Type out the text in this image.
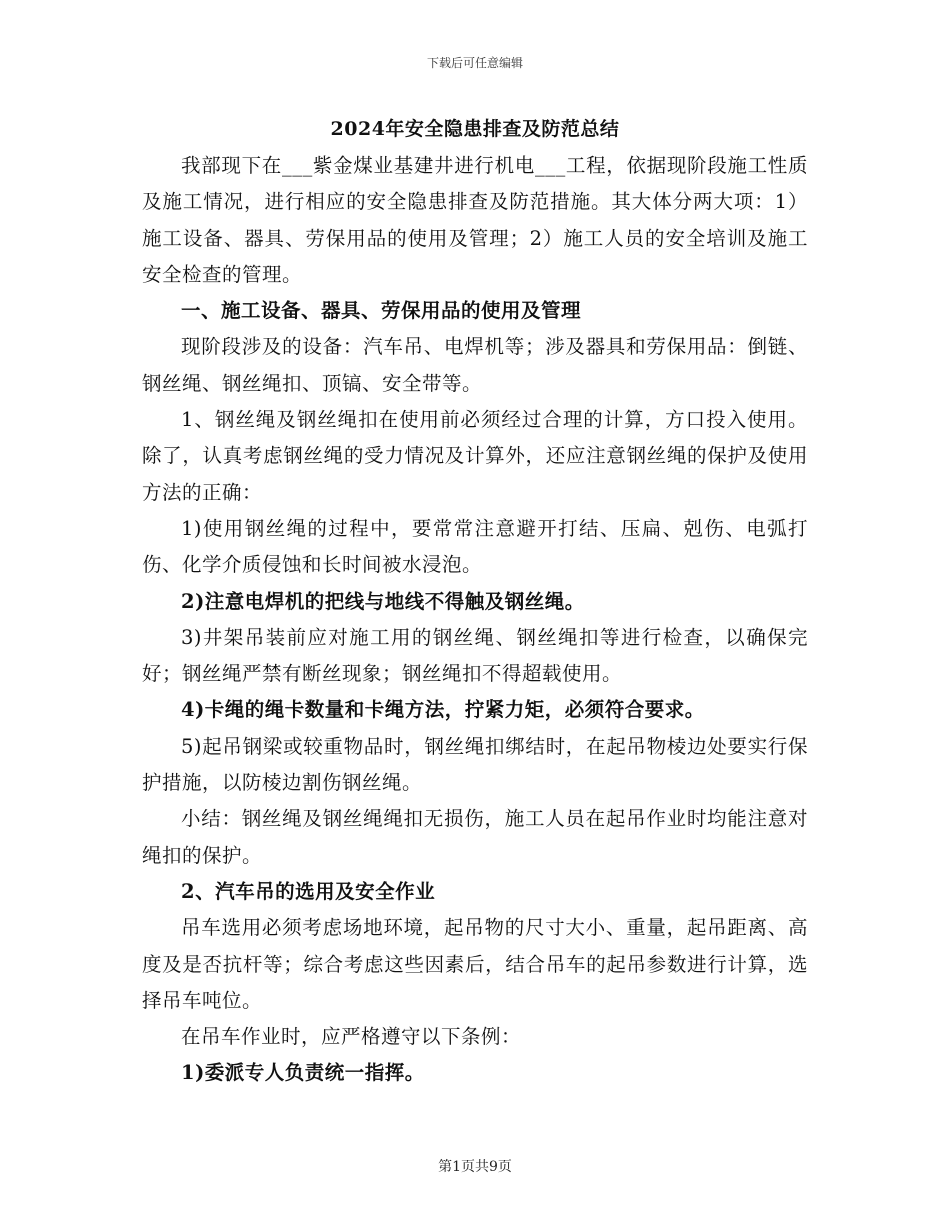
下载后可任意编辑
2024年安全隐患排查及防范总结

我部现下在___紫金煤业基建井进行机电___工程，依据现阶段施工性质及施工情况，进行相应的安全隐患排查及防范措施。其大体分两大项：1）施工设备、器具、劳保用品的使用及管理；2）施工人员的安全培训及施工安全检查的管理。

一、施工设备、器具、劳保用品的使用及管理

现阶段涉及的设备：汽车吊、电焊机等；涉及器具和劳保用品：倒链、钢丝绳、钢丝绳扣、顶镐、安全带等。

1、钢丝绳及钢丝绳扣在使用前必须经过合理的计算，方口投入使用。除了，认真考虑钢丝绳的受力情况及计算外，还应注意钢丝绳的保护及使用方法的正确：

1)使用钢丝绳的过程中，要常常注意避开打结、压扁、剋伤、电弧打伤、化学介质侵蚀和长时间被水浸泡。

2)注意电焊机的把线与地线不得触及钢丝绳。

3)井架吊装前应对施工用的钢丝绳、钢丝绳扣等进行检查，以确保完好；钢丝绳严禁有断丝现象；钢丝绳扣不得超载使用。

4)卡绳的绳卡数量和卡绳方法，拧紧力矩，必须符合要求。

5)起吊钢梁或较重物品时，钢丝绳扣绑结时，在起吊物棱边处要实行保护措施，以防棱边割伤钢丝绳。

小结：钢丝绳及钢丝绳绳扣无损伤，施工人员在起吊作业时均能注意对绳扣的保护。

2、汽车吊的选用及安全作业

吊车选用必须考虑场地环境，起吊物的尺寸大小、重量，起吊距离、高度及是否抗杆等；综合考虑这些因素后，结合吊车的起吊参数进行计算，选择吊车吨位。

在吊车作业时，应严格遵守以下条例：

1)委派专人负责统一指挥。

第1页共9页
